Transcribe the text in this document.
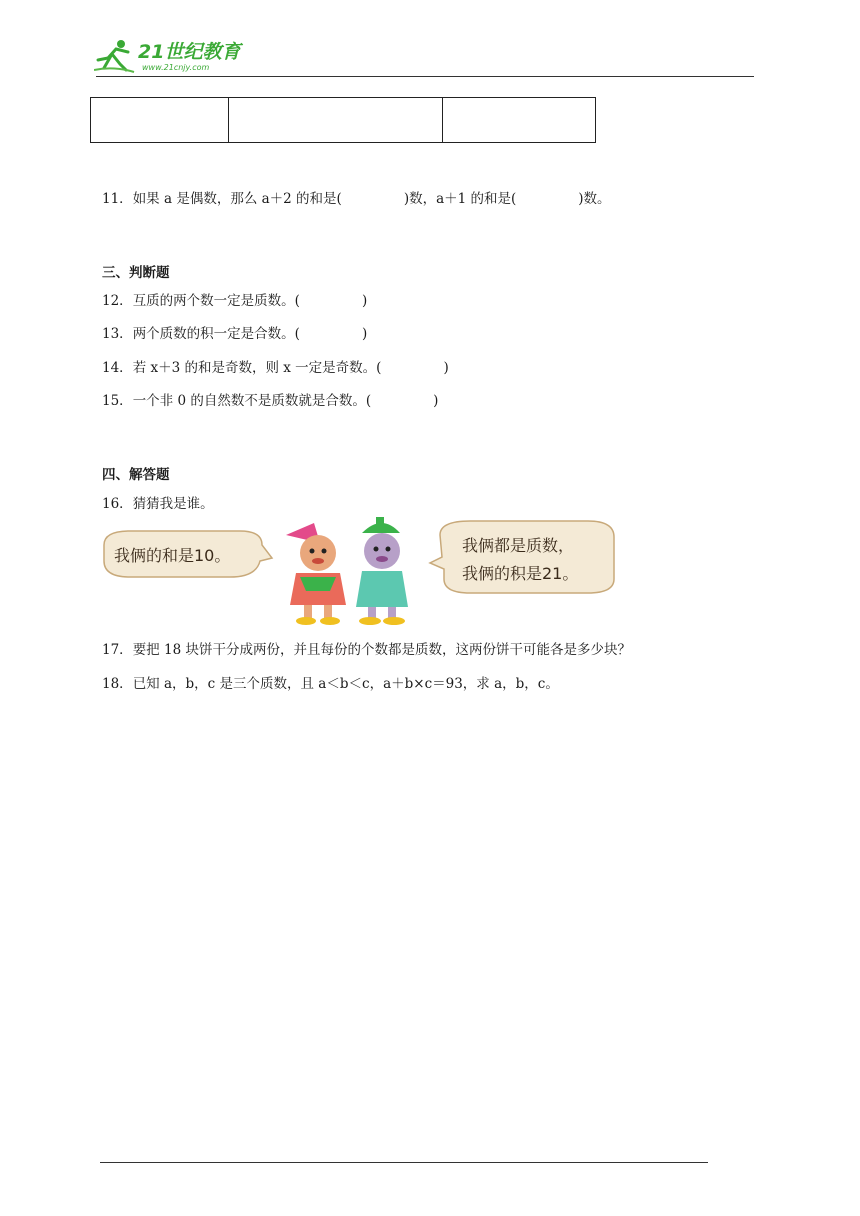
21世纪教育
www.21cnjy.com

11．如果 a 是偶数，那么 a＋2 的和是(	)数，a＋1 的和是(	)数。
三、判断题
12．互质的两个数一定是质数。(	)
13．两个质数的积一定是合数。(	)
14．若 x＋3 的和是奇数，则 x 一定是奇数。(	)
15．一个非 0 的自然数不是质数就是合数。(	)
四、解答题
16．猜猜我是谁。
我俩的和是10。
我俩都是质数，
我俩的积是21。
17．要把 18 块饼干分成两份，并且每份的个数都是质数，这两份饼干可能各是多少块？
18．已知 a，b，c 是三个质数，且 a＜b＜c，a＋b×c＝93，求 a，b，c。
